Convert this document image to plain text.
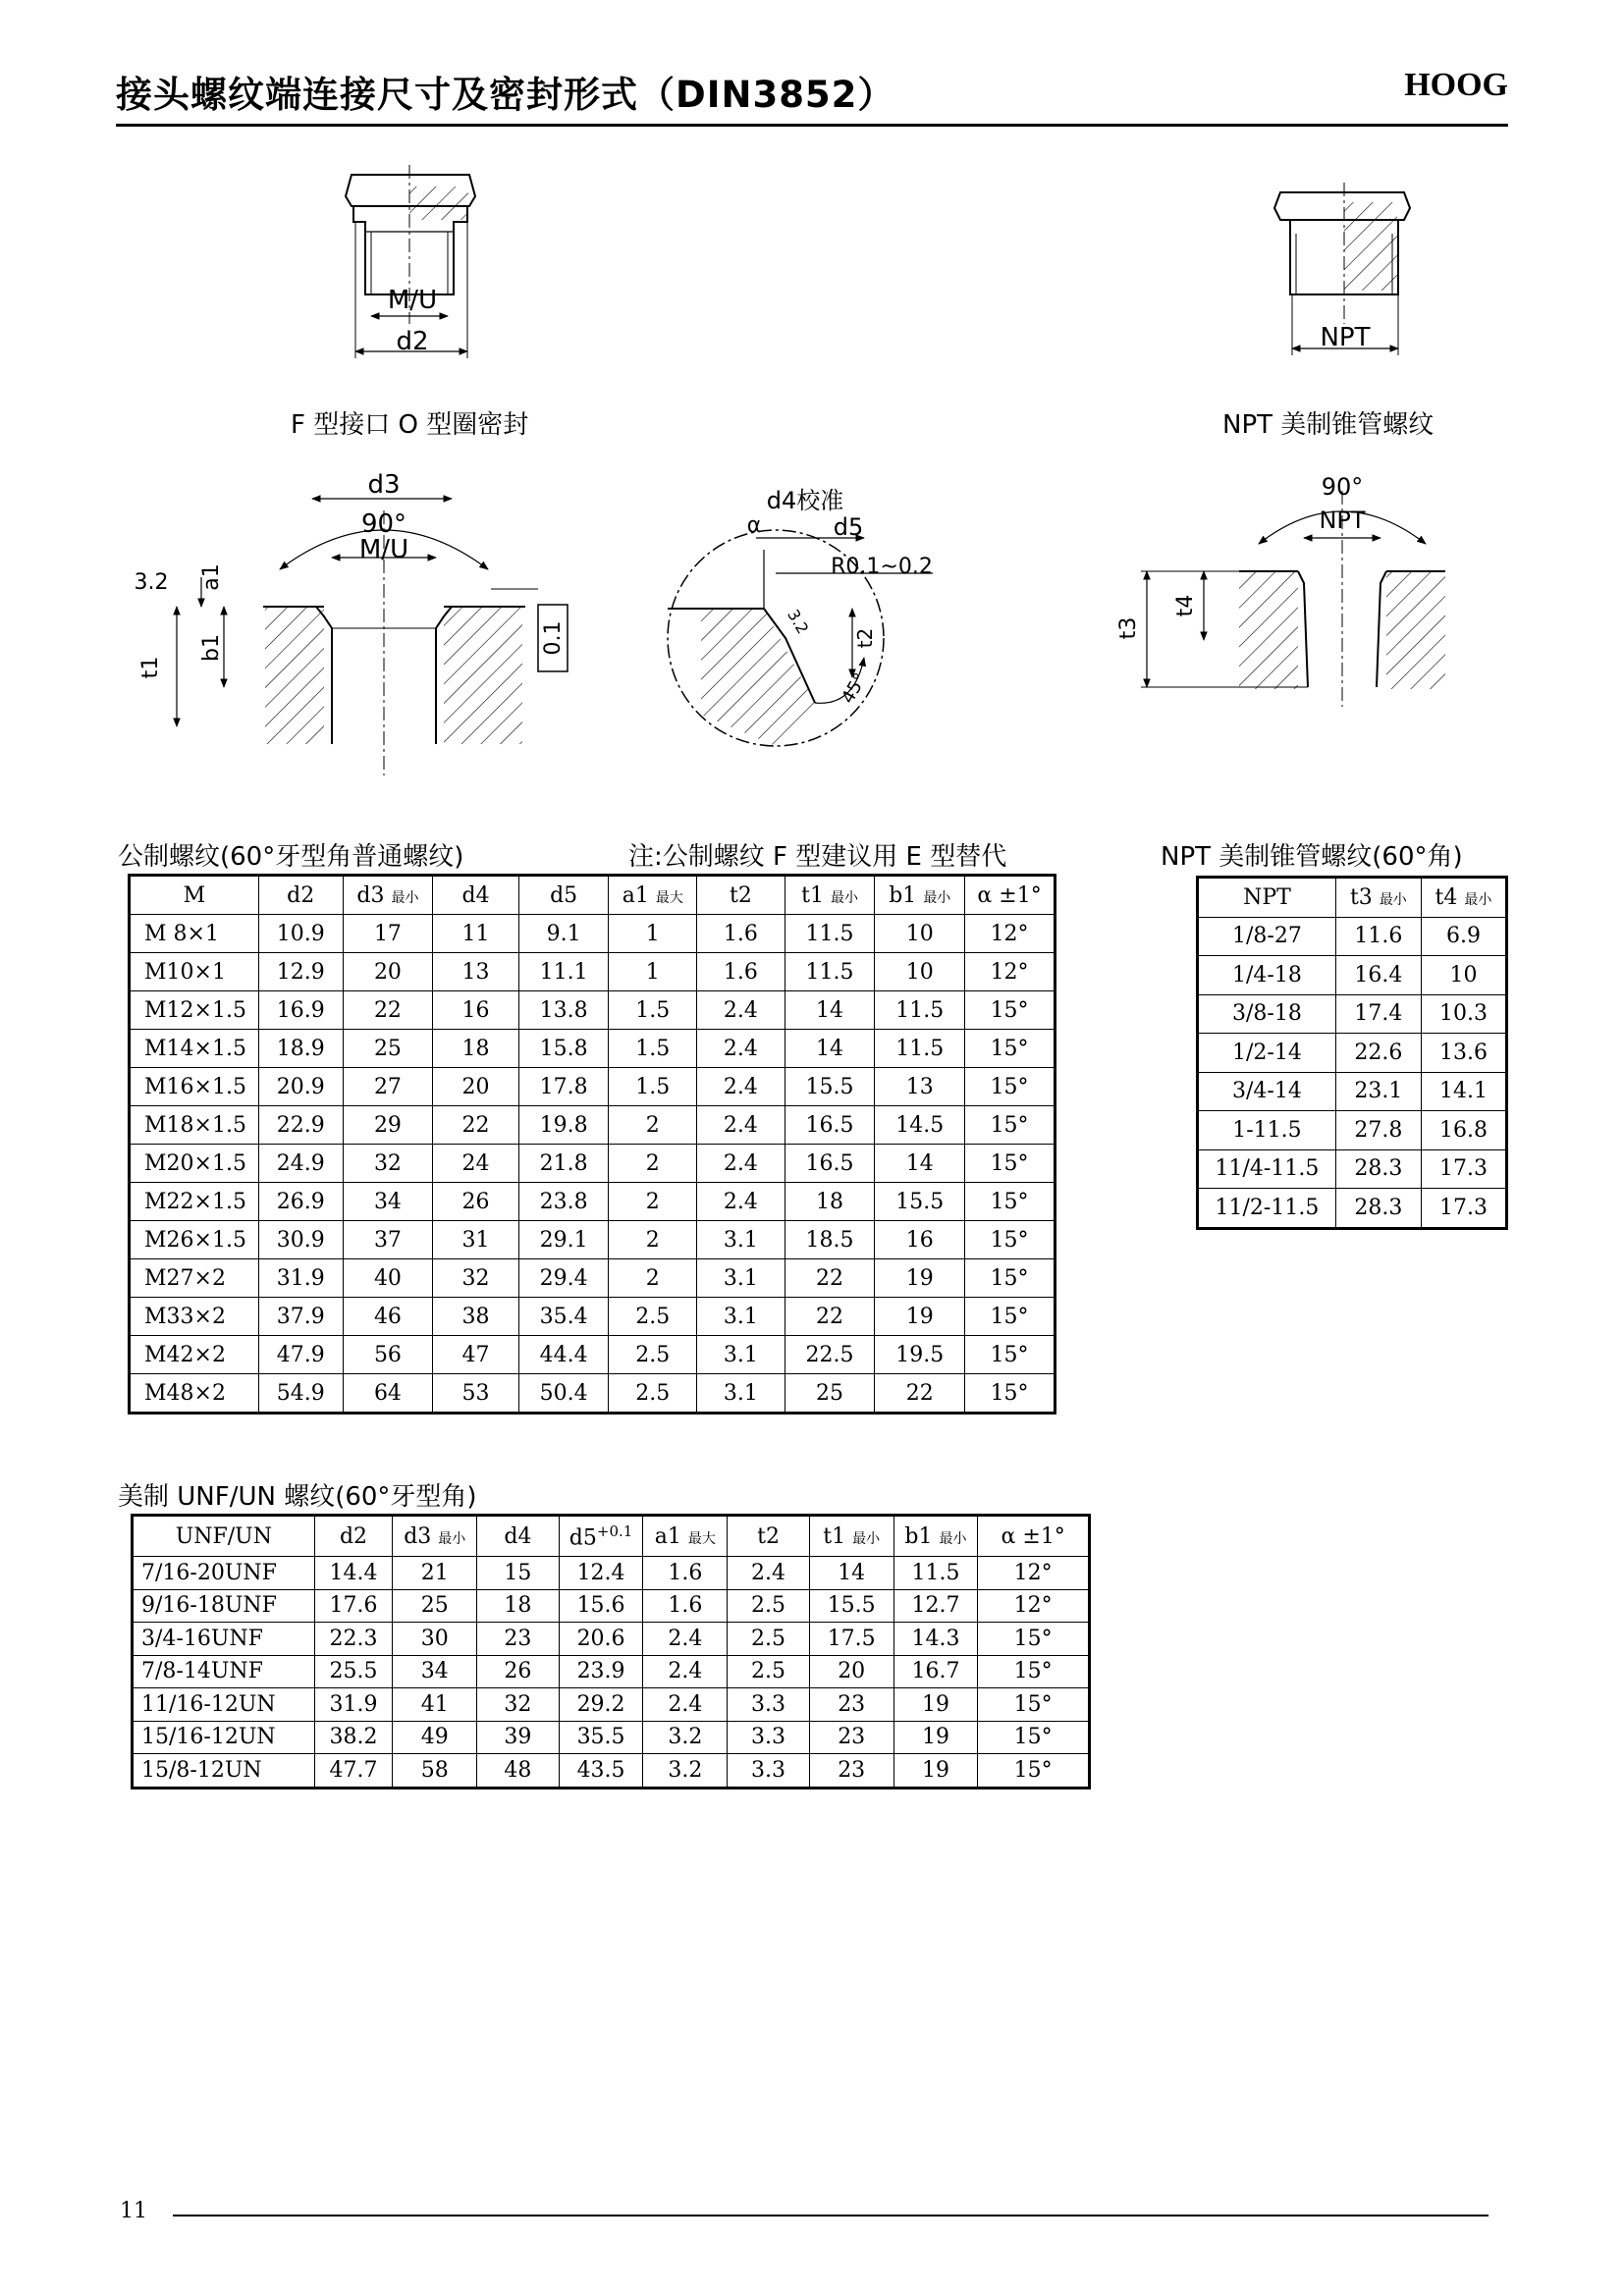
接头螺纹端连接尺寸及密封形式（DIN3852）	HOOG
M/U
d2	NPT
d3
90°
M/U
a1
b1
t1
3.2
0.1
d4校准
α	d5
R0.1~0.2
t2
45°
3.2
90°
NPT
t3
t4
F 型接口 O 型圈密封	NPT 美制锥管螺纹
公制螺纹(60°牙型角普通螺纹)	注:公制螺纹 F 型建议用 E 型替代
M	d2	d3 最小	d4	d5	a1 最大	t2	t1 最小	b1 最小	α ±1°
M 8×1	10.9	17	11	9.1	1	1.6	11.5	10	12°
M10×1	12.9	20	13	11.1	1	1.6	11.5	10	12°
M12×1.5	16.9	22	16	13.8	1.5	2.4	14	11.5	15°
M14×1.5	18.9	25	18	15.8	1.5	2.4	14	11.5	15°
M16×1.5	20.9	27	20	17.8	1.5	2.4	15.5	13	15°
M18×1.5	22.9	29	22	19.8	2	2.4	16.5	14.5	15°
M20×1.5	24.9	32	24	21.8	2	2.4	16.5	14	15°
M22×1.5	26.9	34	26	23.8	2	2.4	18	15.5	15°
M26×1.5	30.9	37	31	29.1	2	3.1	18.5	16	15°
M27×2	31.9	40	32	29.4	2	3.1	22	19	15°
M33×2	37.9	46	38	35.4	2.5	3.1	22	19	15°
M42×2	47.9	56	47	44.4	2.5	3.1	22.5	19.5	15°
M48×2	54.9	64	53	50.4	2.5	3.1	25	22	15°
NPT 美制锥管螺纹(60°角)
NPT	t3 最小	t4 最小
1/8-27	11.6	6.9
1/4-18	16.4	10
3/8-18	17.4	10.3
1/2-14	22.6	13.6
3/4-14	23.1	14.1
1-11.5	27.8	16.8
11/4-11.5	28.3	17.3
11/2-11.5	28.3	17.3
美制 UNF/UN 螺纹(60°牙型角)
UNF/UN	d2	d3 最小	d4	$d5^{+0.1}$	a1 最大	t2	t1 最小	b1 最小	α ±1°
7/16-20UNF	14.4	21	15	12.4	1.6	2.4	14	11.5	12°
9/16-18UNF	17.6	25	18	15.6	1.6	2.5	15.5	12.7	12°
3/4-16UNF	22.3	30	23	20.6	2.4	2.5	17.5	14.3	15°
7/8-14UNF	25.5	34	26	23.9	2.4	2.5	20	16.7	15°
11/16-12UN	31.9	41	32	29.2	2.4	3.3	23	19	15°
15/16-12UN	38.2	49	39	35.5	3.2	3.3	23	19	15°
15/8-12UN	47.7	58	48	43.5	3.2	3.3	23	19	15°
11
